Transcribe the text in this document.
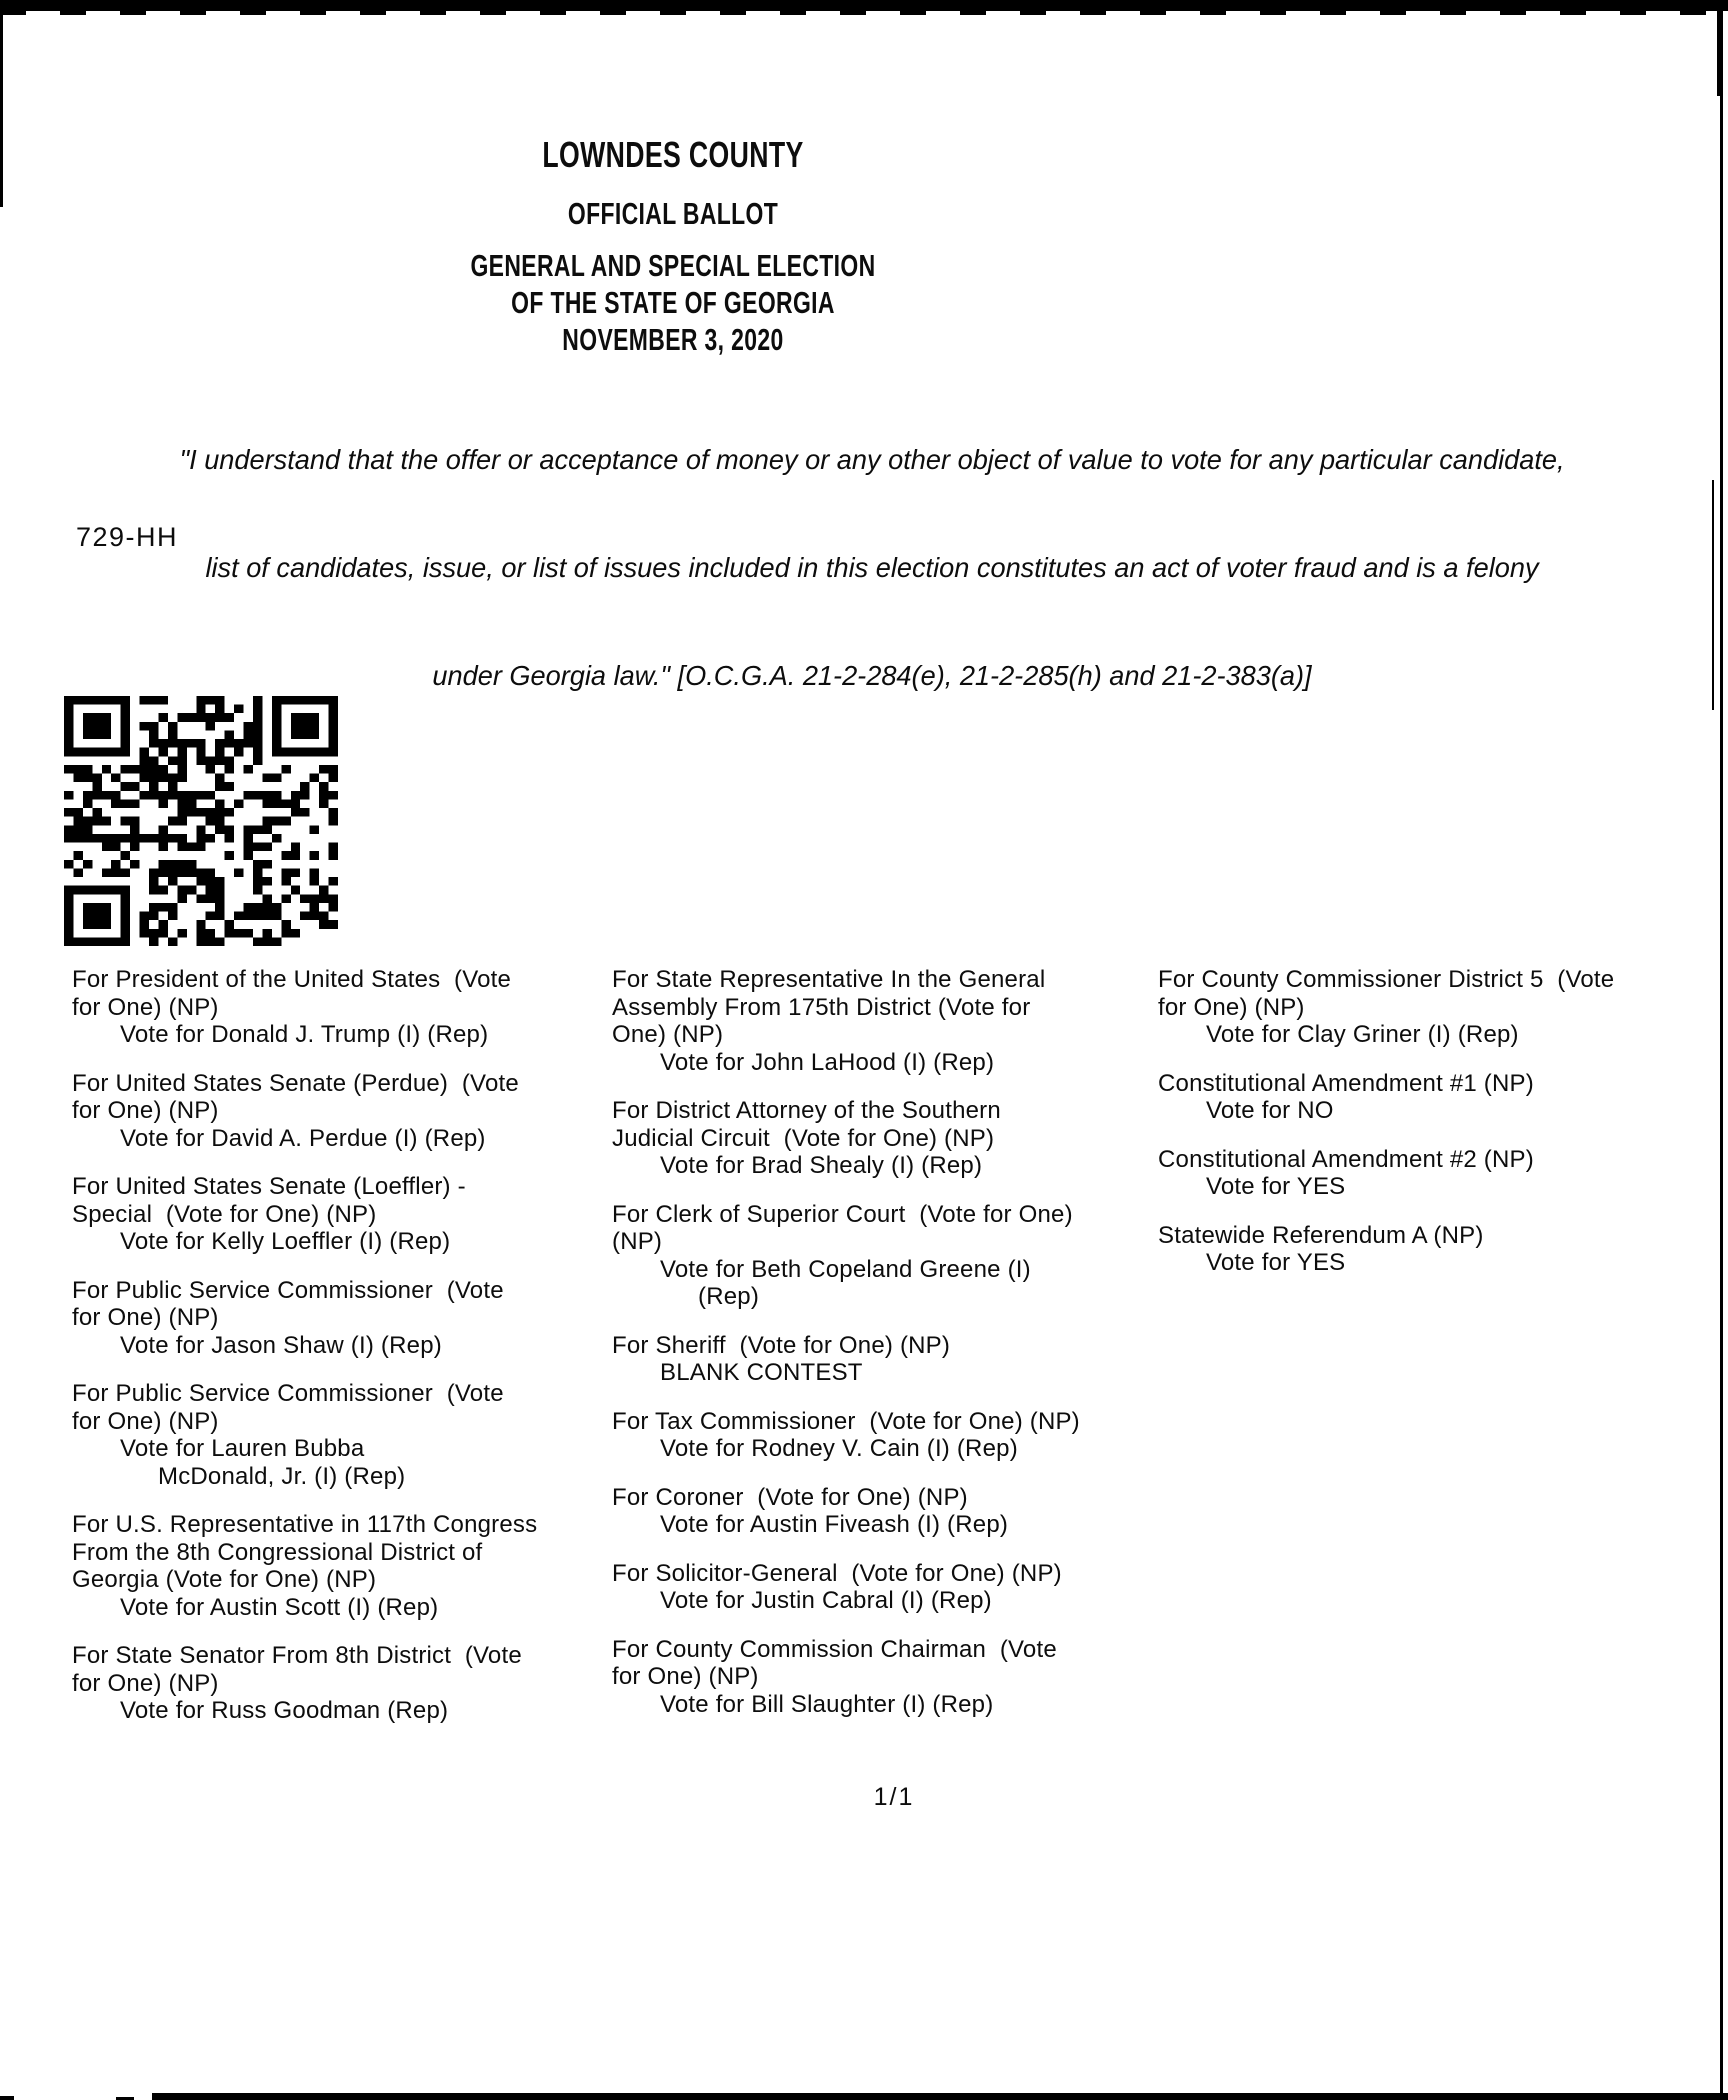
LOWNDES COUNTY
OFFICIAL BALLOT
GENERAL AND SPECIAL ELECTION
OF THE STATE OF GEORGIA
NOVEMBER 3, 2020

"I understand that the offer or acceptance of money or any other object of value to vote for any particular candidate,

list of candidates, issue, or list of issues included in this election constitutes an act of voter fraud and is a felony

under Georgia law." [O.C.G.A. 21-2-284(e), 21-2-285(h) and 21-2-383(a)]

729-HH
For President of the United States  (Vote
for One) (NP)
Vote for Donald J. Trump (I) (Rep)
For United States Senate (Perdue)  (Vote
for One) (NP)
Vote for David A. Perdue (I) (Rep)
For United States Senate (Loeffler) -
Special  (Vote for One) (NP)
Vote for Kelly Loeffler (I) (Rep)
For Public Service Commissioner  (Vote
for One) (NP)
Vote for Jason Shaw (I) (Rep)
For Public Service Commissioner  (Vote
for One) (NP)
Vote for Lauren Bubba
McDonald, Jr. (I) (Rep)
For U.S. Representative in 117th Congress
From the 8th Congressional District of
Georgia (Vote for One) (NP)
Vote for Austin Scott (I) (Rep)
For State Senator From 8th District  (Vote
for One) (NP)
Vote for Russ Goodman (Rep)
For State Representative In the General
Assembly From 175th District (Vote for
One) (NP)
Vote for John LaHood (I) (Rep)
For District Attorney of the Southern
Judicial Circuit  (Vote for One) (NP)
Vote for Brad Shealy (I) (Rep)
For Clerk of Superior Court  (Vote for One)
(NP)
Vote for Beth Copeland Greene (I)
(Rep)
For Sheriff  (Vote for One) (NP)
BLANK CONTEST
For Tax Commissioner  (Vote for One) (NP)
Vote for Rodney V. Cain (I) (Rep)
For Coroner  (Vote for One) (NP)
Vote for Austin Fiveash (I) (Rep)
For Solicitor-General  (Vote for One) (NP)
Vote for Justin Cabral (I) (Rep)
For County Commission Chairman  (Vote
for One) (NP)
Vote for Bill Slaughter (I) (Rep)
For County Commissioner District 5  (Vote
for One) (NP)
Vote for Clay Griner (I) (Rep)
Constitutional Amendment #1 (NP)
Vote for NO
Constitutional Amendment #2 (NP)
Vote for YES
Statewide Referendum A (NP)
Vote for YES
1/1
